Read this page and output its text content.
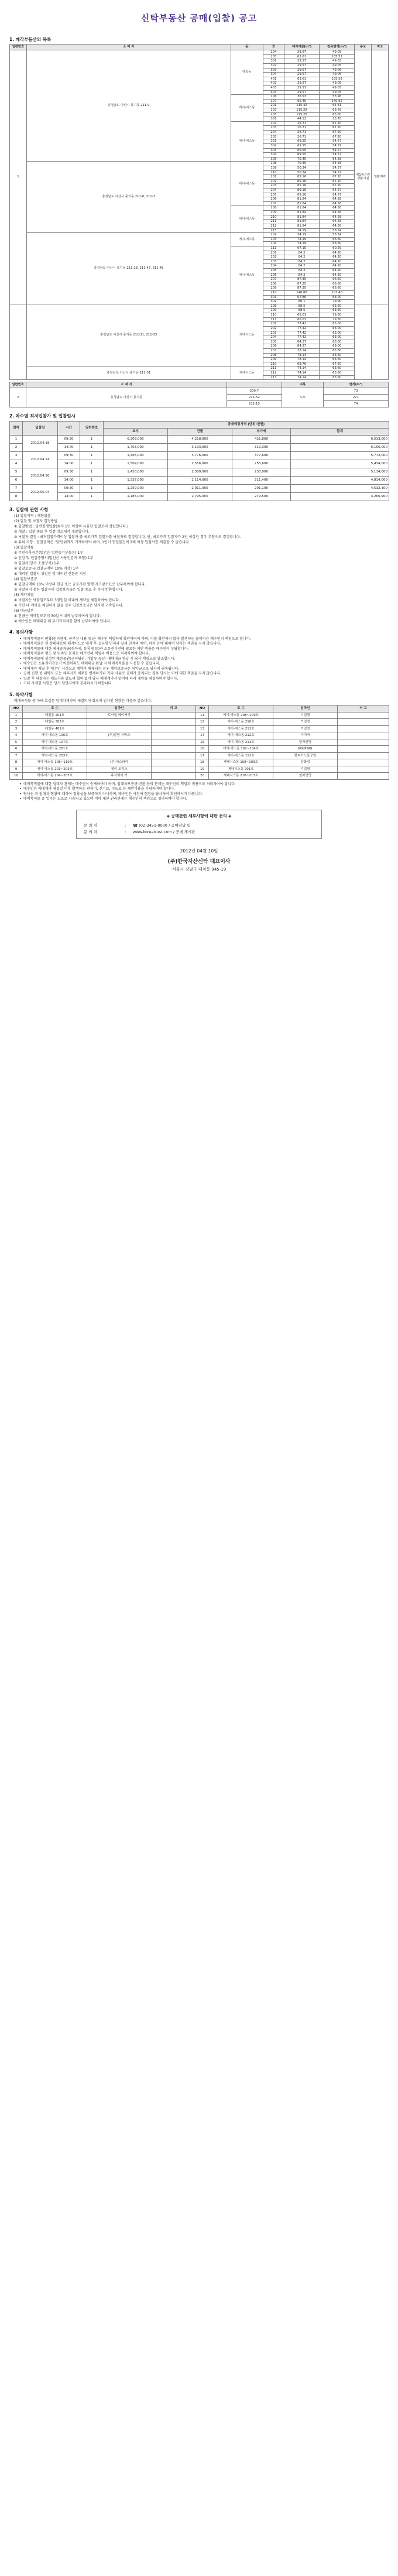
신탁부동산 공매(입찰) 공고
1. 매각부동산의 목록
일련번호	소 재 지	동	호	대지지분(m²)	전유면적(m²)	용도	비고
1	충청남도 아산시 풍기동 211-9	레일동	204	29.57	49.05	제1종근린생활시설	일괄매각
			205	63.61	105.52		
			301	29.57	49.05		
			302	29.57	49.05		
			303	29.57	49.05		
			304	29.57	49.05		
			401	63.61	105.52		
			402	29.57	49.05		
			403	29.57	49.05		
			404	29.57	49.05		
		에이-에스동	106	36.53	53.96		
			107	95.40	140.92		
			201	115.42	64.81		
			203	115.28	63.69		
			205	115.28	63.60		
			301	44.12	23.70		
		에이-에스동	202	26.71	67.20		
			203	26.71	67.20		
			204	26.71	67.20		
			205	26.71	67.20		
			301	69.55	54.57		
			302	69.55	54.57		
			303	69.55	54.57		
			304	69.55	54.57		
			305	70.45	54.58		
	충청남도 아산시 풍기동 211-8, 211-7	에이-에스동	108	70.45	54.58		
			109	50.34	54.57		
			110	50.34	54.57		
			201	85.16	67.20		
			202	85.16	67.20		
			203	85.16	67.20		
			204	69.16	54.57		
			205	69.16	54.57		
			206	81.84	64.58		
			207	81.84	64.58		
		에이-에스동	208	81.84	64.58		
			209	81.84	64.58		
			210	81.84	64.58		
			211	81.84	64.58		
			212	81.84	64.58		
			213	74.19	58.54		
	충청남도 아산시 풍기동 211-28, 211-47, 211-48	에이-에스동	102	74.19	58.54		
			103	74.19	66.60		
			104	74.19	66.60		
		에이-에스동	111	67.15	60.29		
			201	84.2	64.20		
			202	84.2	64.20		
			203	84.2	64.20		
			204	84.2	64.20		
			205	84.2	64.20		
			206	84.2	64.20		
			207	87.35	66.60		
			208	87.35	66.60		
			209	87.35	66.60		
			210	140.88	107.40		
			301	67.86	63.00		
			302	86.1	79.90		
	충청남도 아산시 풍기동 211-31, 211-33	제네시스동	108	88.5	63.60		
			109	88.5	63.60		
			110	66.03	79.30		
			111	66.03	79.30		
			201	77.42	63.00		
			202	77.42	63.00		
			203	77.42	63.00		
			204	77.42	63.00		
			205	84.37	63.00		
			206	84.37	69.00		
			207	78.14	63.60		
			208	78.14	63.60		
			209	78.14	63.60		
			210	68.76	67.20		
	충청남도 아산시 풍기동 211-31	제네시스동	211	74.14	63.60		
			212	74.14	63.60		
			213	74.14	63.60		
일련번호	소 재 지		지목	면적(m²)
2	충청남도 아산시 풍기동	200-7	도로	73
		211-52		221
		211-10		74
2. 차수별 최저입찰가 및 입찰일시
회차	입찰일	시간	일련번호	공매예정가격 (단위:천원)			
				토지	건물	부가세	합계
1	2012.04.18	09:30	1	6,309,000	4,218,000	421,800	6,513,000
2		14:00	1	1,703,000	3,193,000	319,300	6,156,000
3	2012.04.24	09:30	1	1,465,000	3,776,000	377,600	5,773,000
4		14:00	1	1,509,000	2,556,000	255,600	5,434,000
5	2012.04.30	09:30	1	1,420,000	2,309,000	230,900	5,114,000
6		14:00	1	1,337,000	2,114,000	211,400	4,814,000
7	2012.05.04	09:30	1	1,259,000	2,011,000	201,100	4,532,100
8		14:00	1	1,185,000	2,795,000	279,500	4,266,900
3. 입찰에 관한 사항
(1) 입찰자격 : 제한없음
(2) 입찰 및 낙찰자 결정방법
① 입찰방법 : 일반경쟁입찰(최저 1인 이상의 유효한 입찰로써 성립합니다.)
② 개찰 : 입찰 종료 후 입찰 장소에서 개찰합니다.
③ 낙찰자 결정 : 최저입찰가격이상 입찰자 중 최고가격 입찰자를 낙찰자로 결정합니다. 단, 최고가격 입찰자가 2인 이상인 경우 추첨으로 결정합니다.
④ 유의 사항 : 입찰금액은 ‘원’단위까지 기재하여야 하며, 1인이 동일물건에 2매 이상 입찰서를 제출할 수 없습니다.
(3) 입찰서류
① 주민등록등본(법인은 법인등기부등본) 1부
② 인감 및 인감증명서(법인은 사용인감계 포함) 1부
③ 입찰서(당사 소정양식) 1부
④ 입찰보증금(입찰금액의 10% 이상) 1부
⑤ 대리인 입찰시 위임장 및 대리인 신분증 지참
(4) 입찰보증금
① 입찰금액의 10% 이상의 현금 또는 금융기관 발행 자기앞수표로 납부하여야 합니다.
② 낙찰되지 못한 입찰자의 입찰보증금은 입찰 종료 후 즉시 반환합니다.
(5) 계약체결
① 낙찰자는 낙찰일로부터 3영업일 이내에 계약을 체결하여야 합니다.
② 기한 내 계약을 체결하지 않을 경우 입찰보증금은 당사에 귀속됩니다.
(6) 대금납부
① 잔금은 계약일로부터 30일 이내에 납부하여야 합니다.
② 매수인은 매매대금 외 부가가치세를 함께 납부하여야 합니다.
4. 유의사항
• 매매목적물의 현황(권리관계, 공부상 내용 등)은 매수인 책임하에 확인하여야 하며, 이를 확인하지 않아 발생하는 불이익은 매수인의 책임으로 합니다.
• 매매목적물은 현 상태대로의 매각이므로 매각 후 공부상 면적과 실제 면적의 차이, 하자 등에 대하여 당사는 책임을 지지 않습니다.
• 매매목적물에 대한 제세공과금(취득세, 등록세 등)과 소유권이전에 필요한 제반 비용은 매수인이 부담합니다.
• 매매목적물의 명도 및 임차인 문제는 매수인의 책임과 비용으로 처리하여야 합니다.
• 매매목적물에 설정된 제한물권(근저당권, 가압류 등)은 매매대금 완납 시 당사 책임으로 말소합니다.
• 매수인은 소유권이전등기 이전이라도 매매대금 완납 시 매매목적물을 사용할 수 있습니다.
• 매매계약 체결 후 매수인 사정으로 계약이 해제되는 경우 계약보증금은 위약금으로 당사에 귀속됩니다.
• 공매 진행 중 위탁자 또는 채무자가 채무를 변제하거나 기타 사유로 공매가 중지되는 경우 당사는 이에 대한 책임을 지지 않습니다.
• 입찰 후 낙찰자는 매도자와 별도의 협의 없이 당사 매매계약서 양식에 따라 계약을 체결하여야 합니다.
• 기타 자세한 사항은 당사 담당자에게 문의하시기 바랍니다.
5. 특약사항
매매목적물 중 아래 호실은 임대차계약이 체결되어 있으며 임차인 현황은 다음과 같습니다.
NO	호 수	임차인	비 고	NO	호 수	임차인	비 고
1	레일동 204호	로이힐 베이커리		11	에이-에스동 208~209호	기업명	
2	레일동 302호			12	에이-에스동 210호	기업명	
3	레일동 401호			13	에이-에스동 211호	기업명	
4	에이-에스동 106호	(주)삼영 서비스		14	에이-에스동 212호	가치바	
5	에이-에스동 107호			15	에이-에스동 213호	임차인명	
6	에이-에스동 201호			16	에이-에스동 102~104호	KOLPING	
7	에이-에스동 203호			17	에이-에스동 111호	한티아노들공원	
8	에이-에스동 108~110호	(주)에스와이		18	제네시스동 108~109호	삼화성	
9	에이-에스동 201~203호	에이 오피스		19	제네시스동 201호	기업명	
10	에이-에스동 204~207호	주식회사 기		20	제네시스동 210~213호	임차인명	
• 매매목적물에 대한 임대차 관계는 매수인이 승계하여야 하며, 임대차보증금 반환 등의 문제는 매수인의 책임과 비용으로 처리하여야 합니다.
• 매수인은 매매계약 체결일 이후 발생하는 관리비, 전기료, 수도료 등 제반비용을 부담하여야 합니다.
• 당사는 위 임대차 현황에 대하여 정확성을 보증하지 아니하며, 매수인은 사전에 현장을 답사하여 확인하시기 바랍니다.
• 매매목적물 중 일부는 도로로 사용되고 있으며 이에 대한 권리관계는 매수인의 책임으로 정리하여야 합니다.
◈ 공매관련 세부사항에 대한 문의 ◈
문 의 처	:	☎ (02)3451-0000 / 공매담당 팀
문 의 처	:	www.koreatrust.com / 공매 게시판
2012년 04월 10일
(주)한국자산신탁 대표이사
서울시 강남구 대치동 945-19
